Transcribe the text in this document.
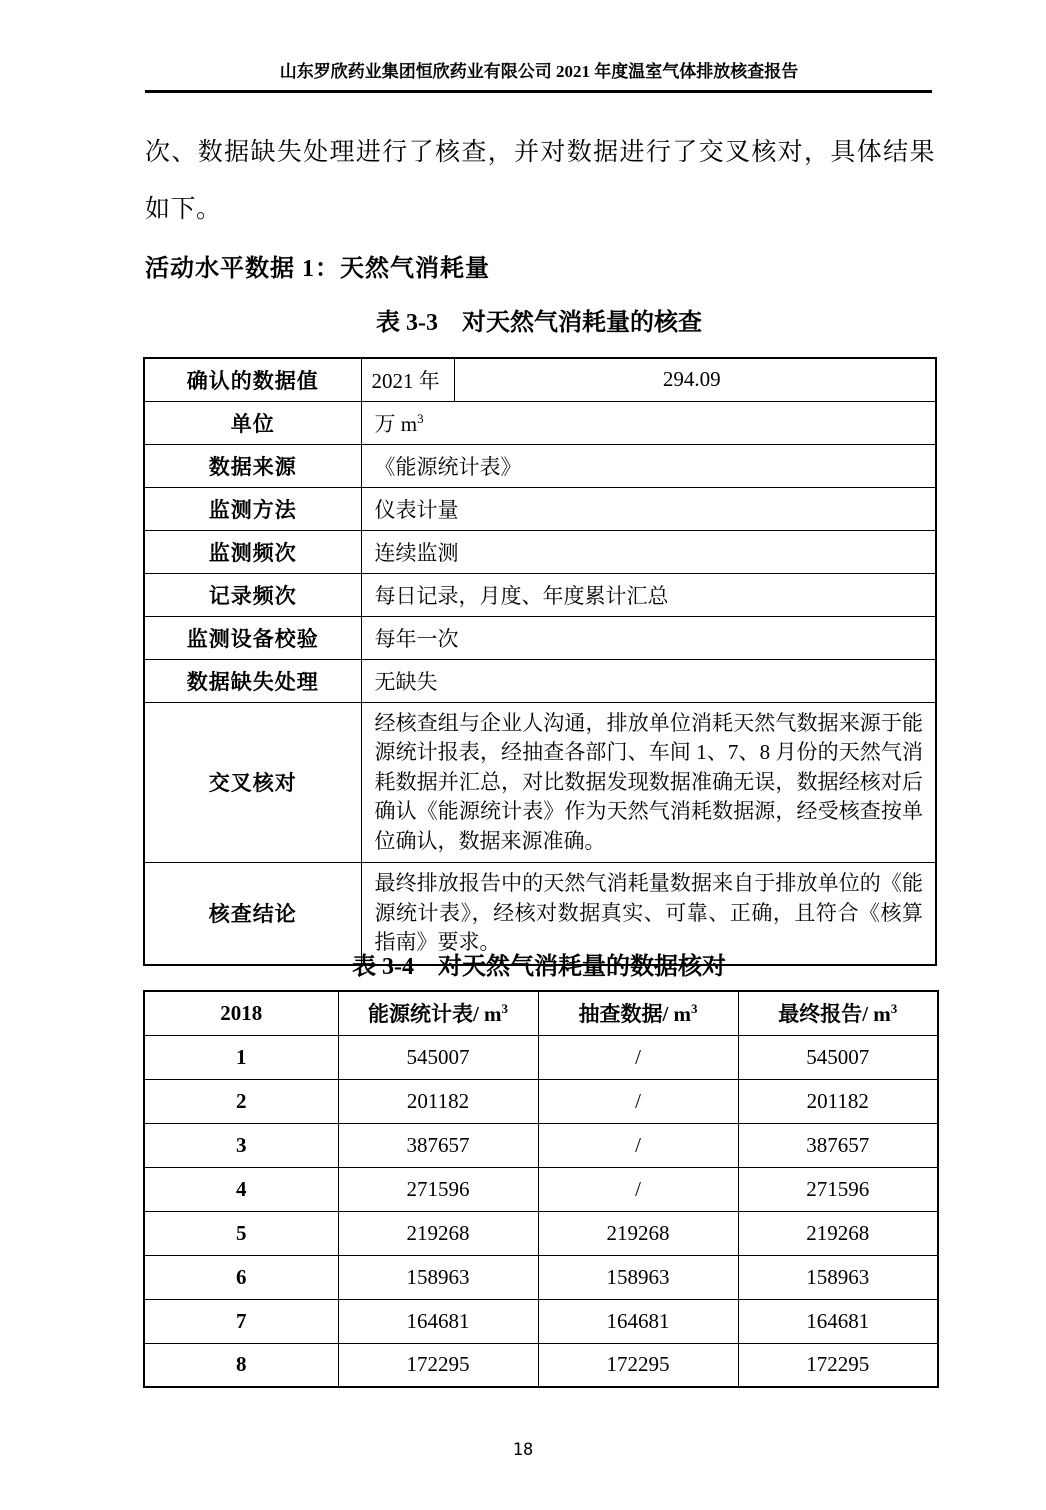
山东罗欣药业集团恒欣药业有限公司 2021 年度温室气体排放核查报告
次、数据缺失处理进行了核查，并对数据进行了交叉核对，具体结果
如下。
活动水平数据 1：天然气消耗量
表 3-3　对天然气消耗量的核查
确认的数据值	2021 年	294.09
单位	万 $m^3$
数据来源	《能源统计表》	
监测方法	仪表计量	
监测频次	连续监测	
记录频次	每日记录，月度、年度累计汇总	
监测设备校验	每年一次	
数据缺失处理	无缺失	
交叉核对	经核查组与企业人沟通，排放单位消耗天然气数据来源于能源统计报表，经抽查各部门、车间 1、7、8 月份的天然气消耗数据并汇总，对比数据发现数据准确无误，数据经核对后确认《能源统计表》作为天然气消耗数据源，经受核查按单位确认，数据来源准确。	
核查结论	最终排放报告中的天然气消耗量数据来自于排放单位的《能源统计表》，经核对数据真实、可靠、正确，且符合《核算指南》要求。	
表 3-4　对天然气消耗量的数据核对
2018	能源统计表/ $m^3$	抽查数据/ $m^3$	最终报告/ $m^3$
1	545007	/	545007
2	201182	/	201182
3	387657	/	387657
4	271596	/	271596
5	219268	219268	219268
6	158963	158963	158963
7	164681	164681	164681
8	172295	172295	172295
18
